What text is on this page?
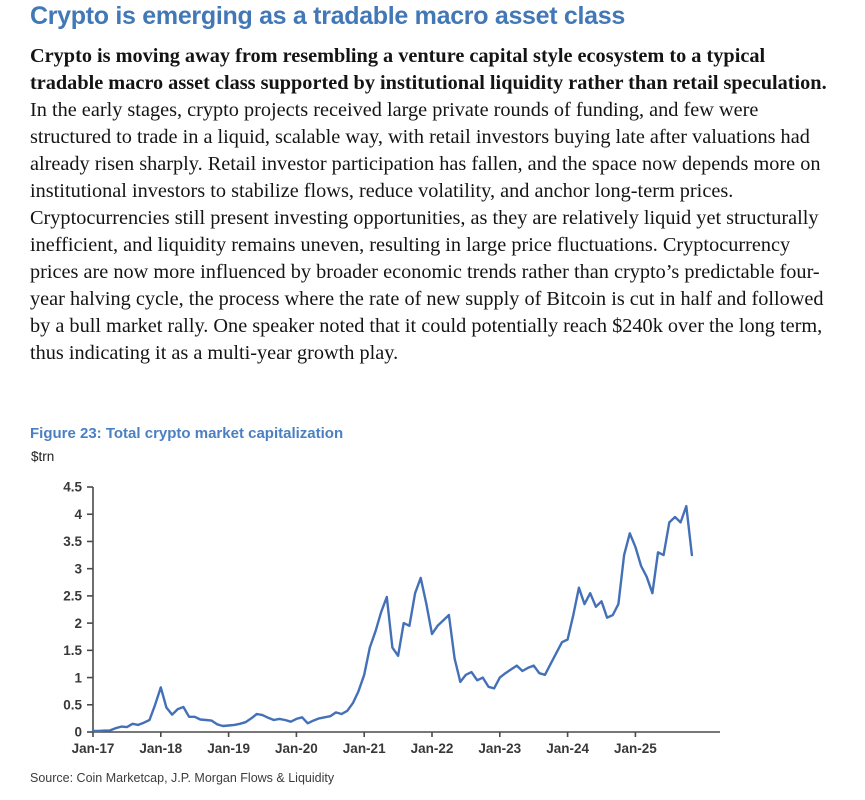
Crypto is emerging as a tradable macro asset class

Crypto is moving away from resembling a venture capital style ecosystem to a typical tradable macro asset class supported by institutional liquidity rather than retail speculation. In the early stages, crypto projects received large private rounds of funding, and few were structured to trade in a liquid, scalable way, with retail investors buying late after valuations had already risen sharply. Retail investor participation has fallen, and the space now depends more on institutional investors to stabilize flows, reduce volatility, and anchor long-term prices. Cryptocurrencies still present investing opportunities, as they are relatively liquid yet structurally inefficient, and liquidity remains uneven, resulting in large price fluctuations. Cryptocurrency prices are now more influenced by broader economic trends rather than crypto’s predictable four-year halving cycle, the process where the rate of new supply of Bitcoin is cut in half and followed by a bull market rally. One speaker noted that it could potentially reach $240k over the long term, thus indicating it as a multi-year growth play.

Figure 23: Total crypto market capitalization
$trn
0
0.5
1
1.5
2
2.5
3
3.5
4
4.5
Jan-17 Jan-18 Jan-19 Jan-20 Jan-21 Jan-22 Jan-23 Jan-24 Jan-25
Source: Coin Marketcap, J.P. Morgan Flows & Liquidity
